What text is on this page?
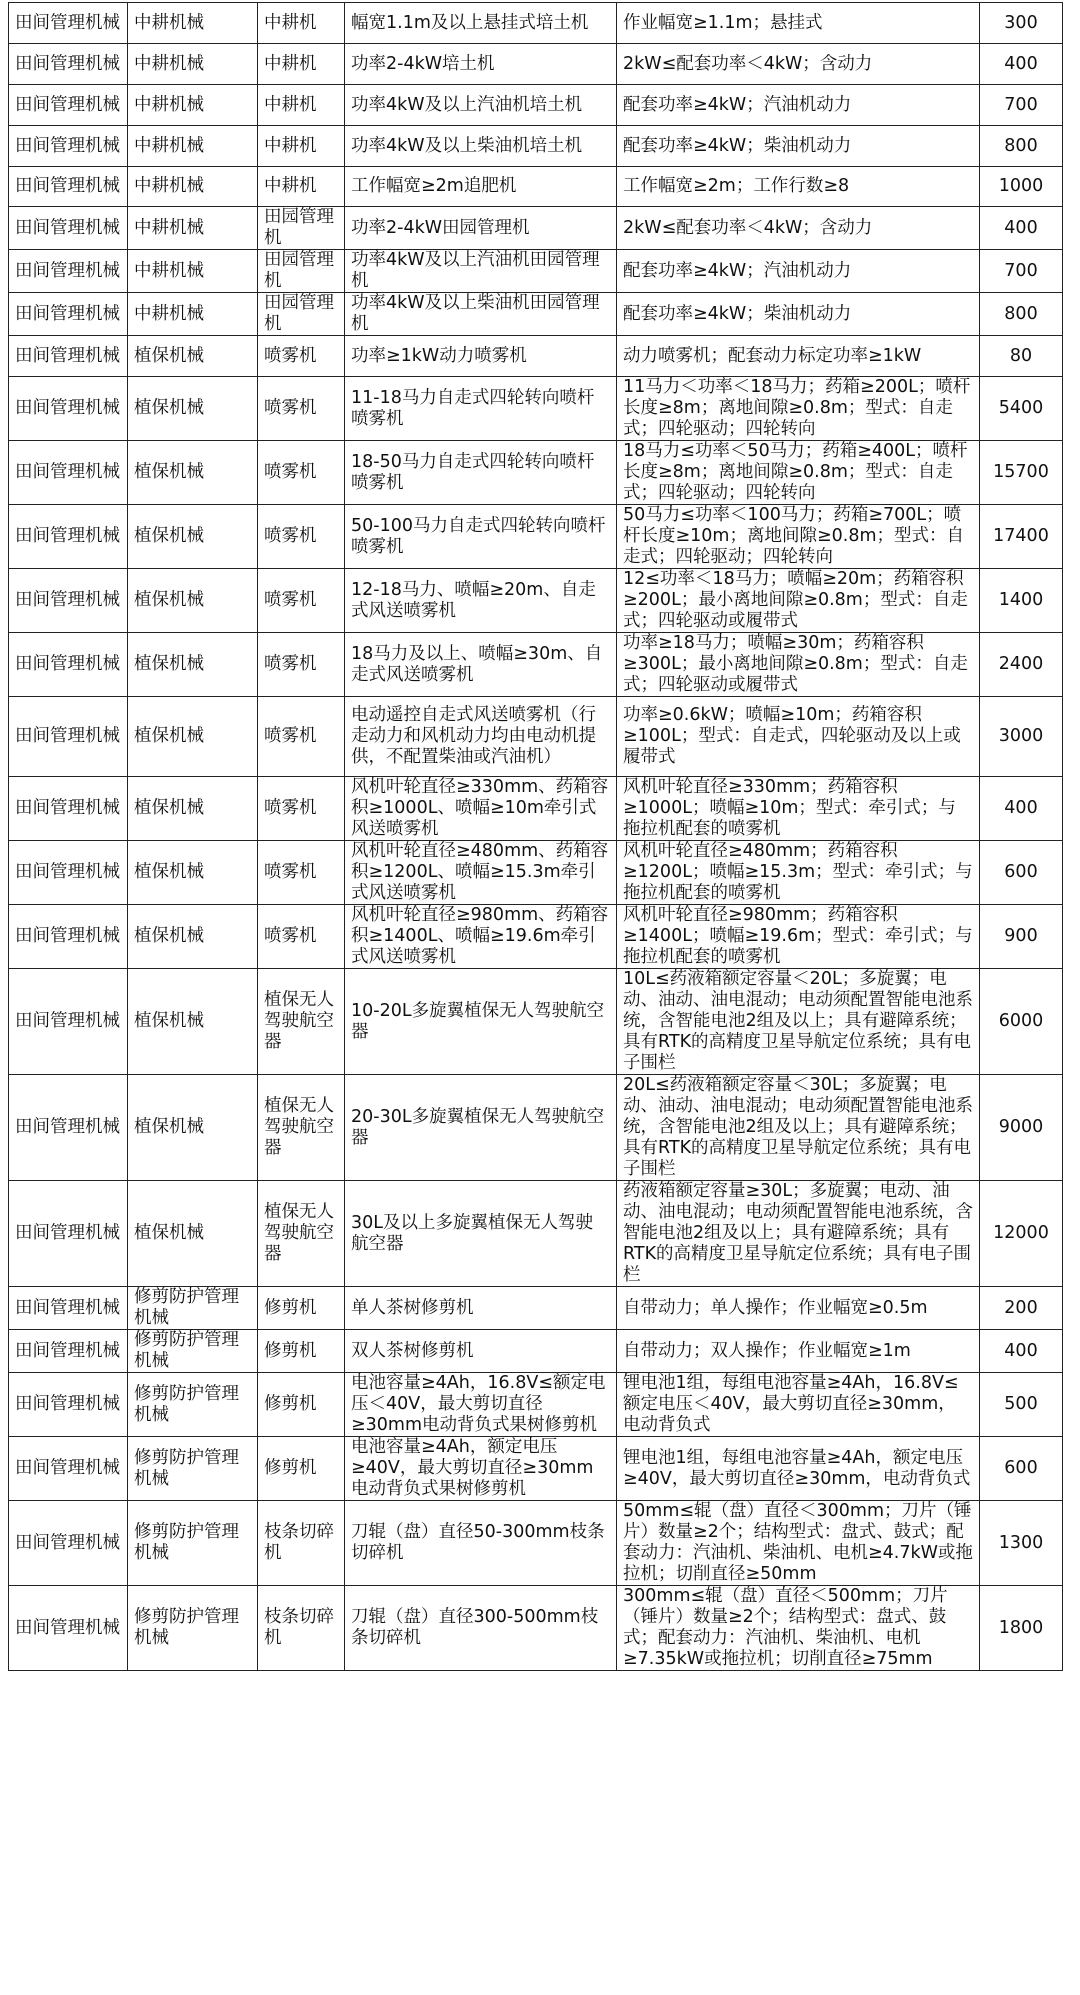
田间管理机械	中耕机械	中耕机	幅宽1.1m及以上悬挂式培土机	作业幅宽≥1.1m；悬挂式	300
田间管理机械	中耕机械	中耕机	功率2-4kW培土机	2kW≤配套功率＜4kW；含动力	400
田间管理机械	中耕机械	中耕机	功率4kW及以上汽油机培土机	配套功率≥4kW；汽油机动力	700
田间管理机械	中耕机械	中耕机	功率4kW及以上柴油机培土机	配套功率≥4kW；柴油机动力	800
田间管理机械	中耕机械	中耕机	工作幅宽≥2m追肥机	工作幅宽≥2m；工作行数≥8	1000
田间管理机械	中耕机械	田园管理机	功率2-4kW田园管理机	2kW≤配套功率＜4kW；含动力	400
田间管理机械	中耕机械	田园管理机	功率4kW及以上汽油机田园管理机	配套功率≥4kW；汽油机动力	700
田间管理机械	中耕机械	田园管理机	功率4kW及以上柴油机田园管理机	配套功率≥4kW；柴油机动力	800
田间管理机械	植保机械	喷雾机	功率≥1kW动力喷雾机	动力喷雾机；配套动力标定功率≥1kW	80
田间管理机械	植保机械	喷雾机	11-18马力自走式四轮转向喷杆喷雾机	11马力＜功率＜18马力；药箱≥200L；喷杆长度≥8m；离地间隙≥0.8m；型式：自走式；四轮驱动；四轮转向	5400
田间管理机械	植保机械	喷雾机	18-50马力自走式四轮转向喷杆喷雾机	18马力≤功率＜50马力；药箱≥400L；喷杆长度≥8m；离地间隙≥0.8m；型式：自走式；四轮驱动；四轮转向	15700
田间管理机械	植保机械	喷雾机	50-100马力自走式四轮转向喷杆喷雾机	50马力≤功率＜100马力；药箱≥700L；喷杆长度≥10m；离地间隙≥0.8m；型式：自走式；四轮驱动；四轮转向	17400
田间管理机械	植保机械	喷雾机	12-18马力、喷幅≥20m、自走式风送喷雾机	12≤功率＜18马力；喷幅≥20m；药箱容积≥200L；最小离地间隙≥0.8m；型式：自走式；四轮驱动或履带式	1400
田间管理机械	植保机械	喷雾机	18马力及以上、喷幅≥30m、自走式风送喷雾机	功率≥18马力；喷幅≥30m；药箱容积≥300L；最小离地间隙≥0.8m；型式：自走式；四轮驱动或履带式	2400
田间管理机械	植保机械	喷雾机	电动遥控自走式风送喷雾机（行走动力和风机动力均由电动机提供，不配置柴油或汽油机）	功率≥0.6kW；喷幅≥10m；药箱容积≥100L；型式：自走式，四轮驱动及以上或履带式	3000
田间管理机械	植保机械	喷雾机	风机叶轮直径≥330mm、药箱容积≥1000L、喷幅≥10m牵引式风送喷雾机	风机叶轮直径≥330mm；药箱容积≥1000L；喷幅≥10m；型式：牵引式；与拖拉机配套的喷雾机	400
田间管理机械	植保机械	喷雾机	风机叶轮直径≥480mm、药箱容积≥1200L、喷幅≥15.3m牵引式风送喷雾机	风机叶轮直径≥480mm；药箱容积≥1200L；喷幅≥15.3m；型式：牵引式；与拖拉机配套的喷雾机	600
田间管理机械	植保机械	喷雾机	风机叶轮直径≥980mm、药箱容积≥1400L、喷幅≥19.6m牵引式风送喷雾机	风机叶轮直径≥980mm；药箱容积≥1400L；喷幅≥19.6m；型式：牵引式；与拖拉机配套的喷雾机	900
田间管理机械	植保机械	植保无人驾驶航空器	10-20L多旋翼植保无人驾驶航空器	10L≤药液箱额定容量＜20L；多旋翼；电动、油动、油电混动；电动须配置智能电池系统，含智能电池2组及以上；具有避障系统；具有RTK的高精度卫星导航定位系统；具有电子围栏	6000
田间管理机械	植保机械	植保无人驾驶航空器	20-30L多旋翼植保无人驾驶航空器	20L≤药液箱额定容量＜30L；多旋翼；电动、油动、油电混动；电动须配置智能电池系统，含智能电池2组及以上；具有避障系统；具有RTK的高精度卫星导航定位系统；具有电子围栏	9000
田间管理机械	植保机械	植保无人驾驶航空器	30L及以上多旋翼植保无人驾驶航空器	药液箱额定容量≥30L；多旋翼；电动、油动、油电混动；电动须配置智能电池系统，含智能电池2组及以上；具有避障系统；具有RTK的高精度卫星导航定位系统；具有电子围栏	12000
田间管理机械	修剪防护管理机械	修剪机	单人茶树修剪机	自带动力；单人操作；作业幅宽≥0.5m	200
田间管理机械	修剪防护管理机械	修剪机	双人茶树修剪机	自带动力；双人操作；作业幅宽≥1m	400
田间管理机械	修剪防护管理机械	修剪机	电池容量≥4Ah，16.8V≤额定电压＜40V，最大剪切直径≥30mm电动背负式果树修剪机	锂电池1组，每组电池容量≥4Ah，16.8V≤额定电压＜40V，最大剪切直径≥30mm，电动背负式	500
田间管理机械	修剪防护管理机械	修剪机	电池容量≥4Ah，额定电压≥40V，最大剪切直径≥30mm电动背负式果树修剪机	锂电池1组，每组电池容量≥4Ah，额定电压≥40V，最大剪切直径≥30mm，电动背负式	600
田间管理机械	修剪防护管理机械	枝条切碎机	刀辊（盘）直径50-300mm枝条切碎机	50mm≤辊（盘）直径＜300mm；刀片（锤片）数量≥2个；结构型式：盘式、鼓式；配套动力：汽油机、柴油机、电机≥4.7kW或拖拉机；切削直径≥50mm	1300
田间管理机械	修剪防护管理机械	枝条切碎机	刀辊（盘）直径300-500mm枝条切碎机	300mm≤辊（盘）直径＜500mm；刀片（锤片）数量≥2个；结构型式：盘式、鼓式；配套动力：汽油机、柴油机、电机≥7.35kW或拖拉机；切削直径≥75mm	1800
